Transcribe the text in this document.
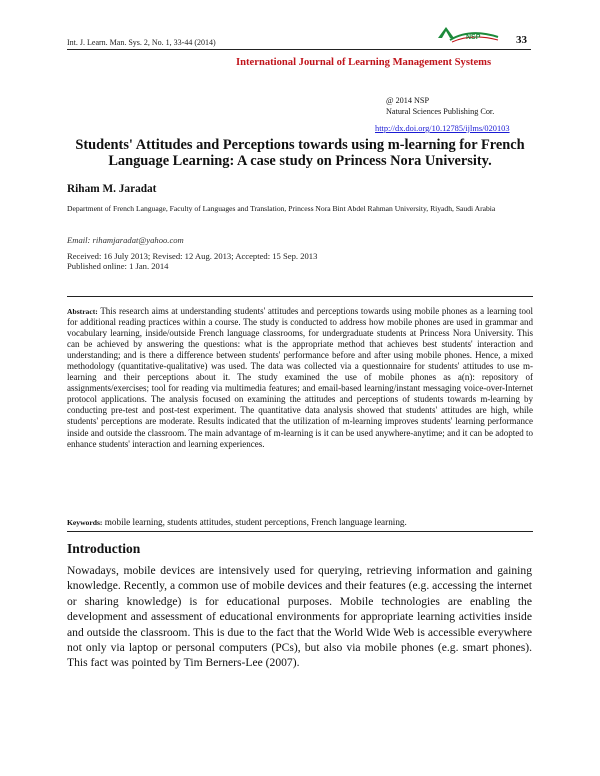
Int. J. Learn. Man. Sys. 2, No. 1, 33-44 (2014)
NSP	33
International Journal of Learning Management Systems
@ 2014 NSP
Natural Sciences Publishing Cor.
http://dx.doi.org/10.12785/ijlms/020103
Students' Attitudes and Perceptions towards using m-learning for French Language Learning: A case study on Princess Nora University.
Riham M. Jaradat
Department of French Language, Faculty of Languages and Translation, Princess Nora Bint Abdel Rahman University, Riyadh, Saudi Arabia
Email: rihamjaradat@yahoo.com
Received: 16 July 2013; Revised: 12 Aug. 2013; Accepted: 15 Sep. 2013
Published online: 1 Jan. 2014
Abstract: This research aims at understanding students' attitudes and perceptions towards using mobile phones as a learning tool for additional reading practices within a course. The study is conducted to address how mobile phones are used in grammar and vocabulary learning, inside/outside French language classrooms, for undergraduate students at Princess Nora University. This can be achieved by answering the questions: what is the appropriate method that achieves best students' interaction and understanding; and is there a difference between students' performance before and after using mobile phones. Hence, a mixed methodology (quantitative-qualitative) was used. The data was collected via a questionnaire for students' attitudes to use m-learning and their perceptions about it. The study examined the use of mobile phones as a(n): repository of assignments/exercises; tool for reading via multimedia features; and email-based learning/instant messaging voice-over-Internet protocol applications. The analysis focused on examining the attitudes and perceptions of students towards m-learning by conducting pre-test and post-test experiment. The quantitative data analysis showed that students' attitudes are high, while students' perceptions are moderate. Results indicated that the utilization of m-learning improves students' learning performance inside and outside the classroom. The main advantage of m-learning is it can be used anywhere-anytime; and it can be adopted to enhance students' interaction and learning experiences.
Keywords: mobile learning, students attitudes, student perceptions, French language learning.
Introduction
Nowadays, mobile devices are intensively used for querying, retrieving information and gaining knowledge. Recently, a common use of mobile devices and their features (e.g. accessing the internet or sharing knowledge) is for educational purposes. Mobile technologies are enabling the development and assessment of educational environments for appropriate learning activities inside and outside the classroom. This is due to the fact that the World Wide Web is accessible everywhere not only via laptop or personal computers (PCs), but also via mobile phones (e.g. smart phones). This fact was pointed by Tim Berners-Lee (2007).
